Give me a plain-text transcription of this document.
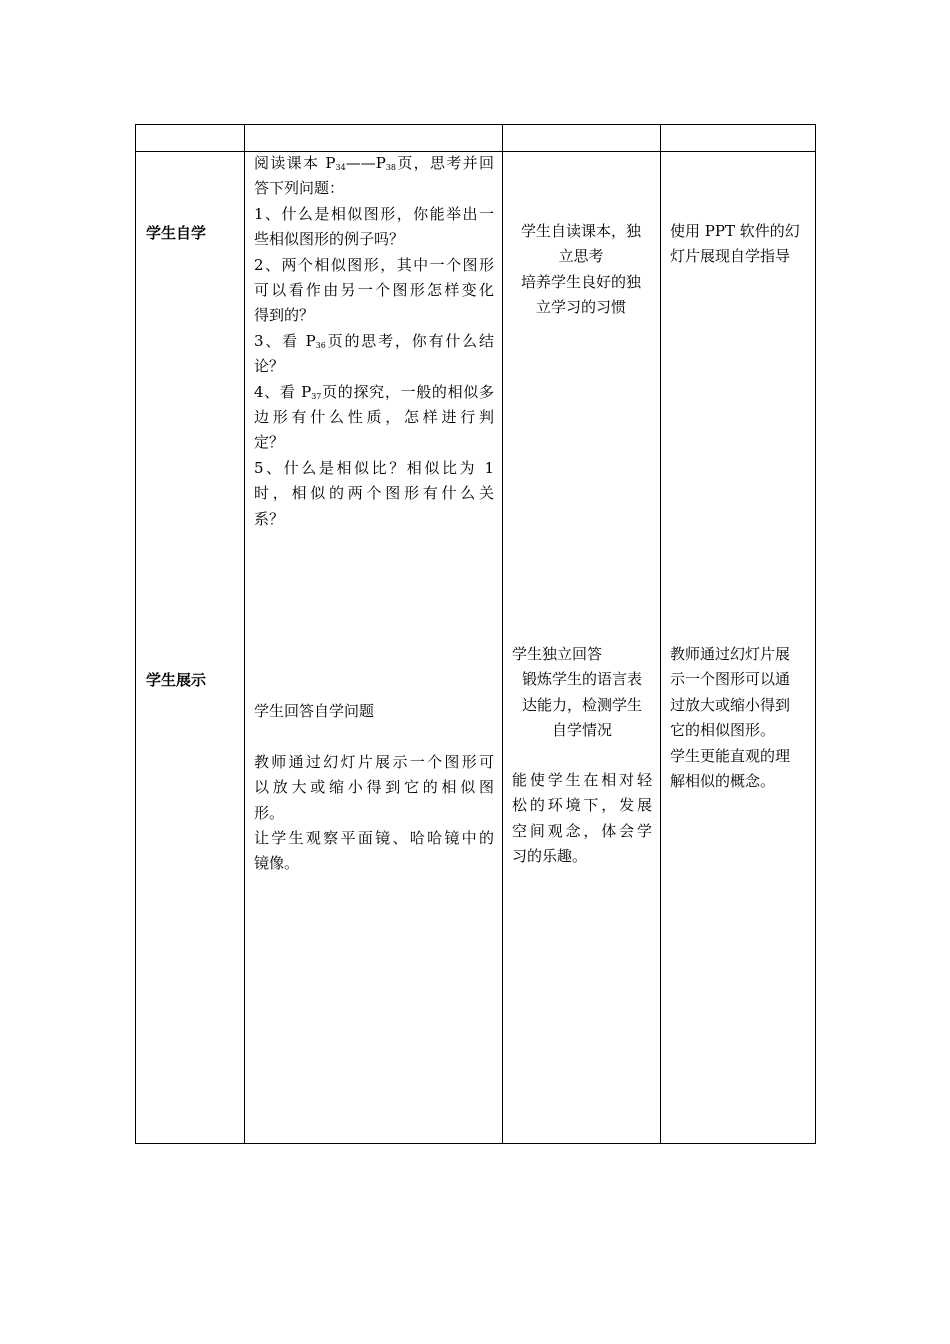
学生自学
阅读课本 $P_{34}——P_{38}$页，思考并回
答下列问题：
1、什么是相似图形，你能举出一
些相似图形的例子吗？
2、两个相似图形，其中一个图形
可以看作由另一个图形怎样变化
得到的？
3、看 $P_{36}$页的思考，你有什么结
论？
4、看 $P_{37}$页的探究，一般的相似多
边形有什么性质，怎样进行判
定？
5、什么是相似比？相似比为 1
时，相似的两个图形有什么关
系？
学生自读课本，独
立思考
培养学生良好的独
立学习的习惯
使用 PPT 软件的幻
灯片展现自学指导
学生展示
学生回答自学问题
教师通过幻灯片展示一个图形可
以放大或缩小得到它的相似图
形。
让学生观察平面镜、哈哈镜中的
镜像。
学生独立回答
锻炼学生的语言表
达能力，检测学生
自学情况
能使学生在相对轻
松的环境下，发展
空间观念，体会学
习的乐趣。
教师通过幻灯片展
示一个图形可以通
过放大或缩小得到
它的相似图形。
学生更能直观的理
解相似的概念。
